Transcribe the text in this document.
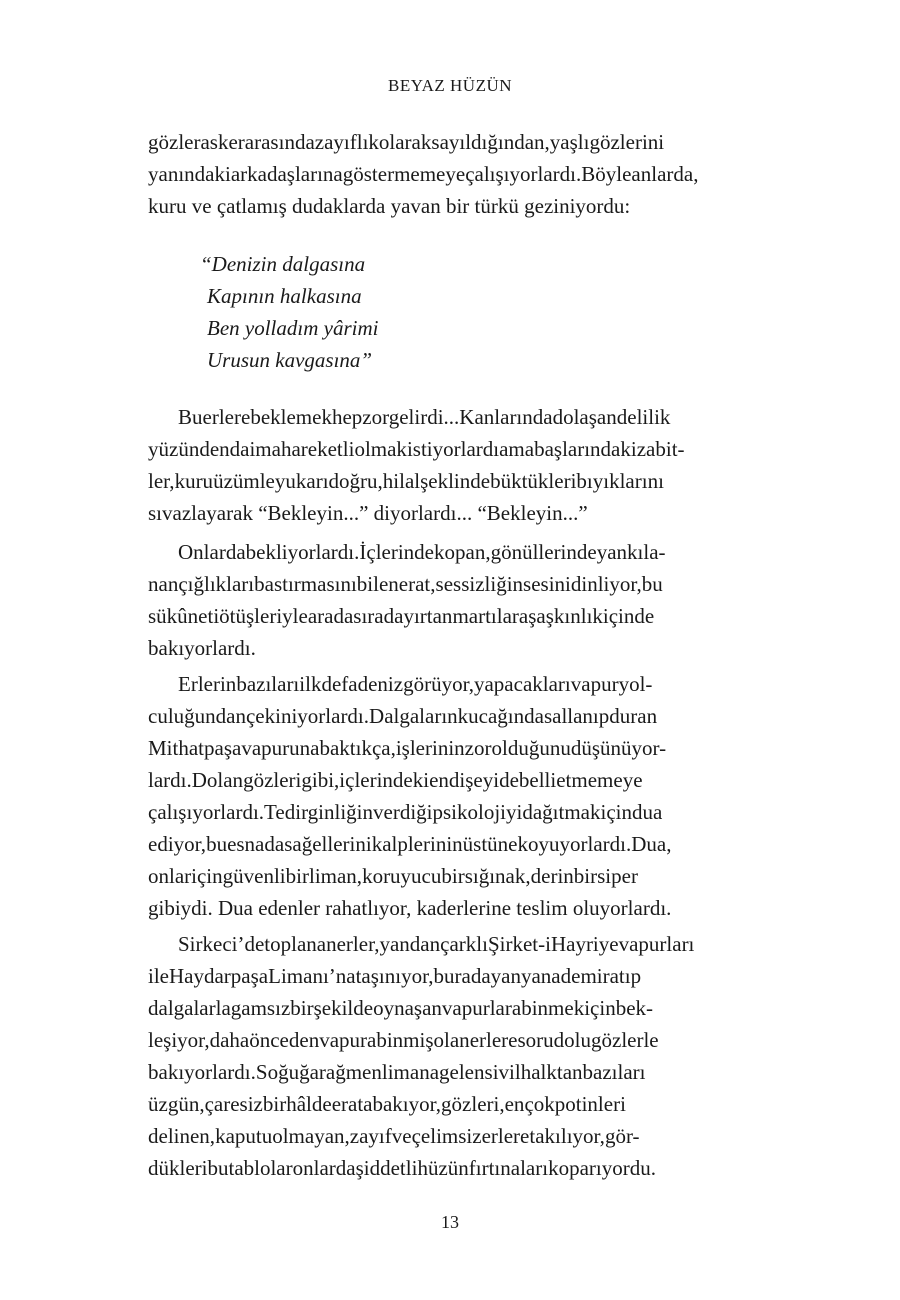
BEYAZ HÜZÜN
gözleraskerarasındazayıflıkolaraksayıldığından,yaşlıgözlerini
yanındakiarkadaşlarınagöstermemeyeçalışıyorlardı.Böyleanlarda,
kuru ve çatlamış dudaklarda yavan bir türkü geziniyordu:
“Denizin dalgasına
Kapının halkasına
Ben yolladım yârimi
Urusun kavgasına”
Buerlerebeklemekhepzorgelirdi...Kanlarındadolaşandelilik
yüzündendaimahareketliolmakistiyorlardıamabaşlarındakizabit-
ler,kuruüzümleyukarıdoğru,hilalşeklindebüktükleribıyıklarını
sıvazlayarak “Bekleyin...” diyorlardı... “Bekleyin...”
Onlardabekliyorlardı.İçlerindekopan,gönüllerindeyankıla-
nançığlıklarıbastırmasınıbilenerat,sessizliğinsesinidinliyor,bu
sükûnetiötüşleriylearadasıradayırtanmartılaraşaşkınlıkiçinde
bakıyorlardı.
Erlerinbazılarıilkdefadenizgörüyor,yapacaklarıvapuryol-
culuğundançekiniyorlardı.Dalgalarınkucağındasallanıpduran
Mithatpaşavapurunabaktıkça,işlerininzorolduğunudüşünüyor-
lardı.Dolangözlerigibi,içlerindekiendişeyidebellietmemeye
çalışıyorlardı.Tedirginliğinverdiğipsikolojiyidağıtmakiçindua
ediyor,buesnadasağellerinikalplerininüstünekoyuyorlardı.Dua,
onlariçingüvenlibirliman,koruyucubirsığınak,derinbirsiper
gibiydi. Dua edenler rahatlıyor, kaderlerine teslim oluyorlardı.
Sirkeci’detoplananerler,yandançarklıŞirket-iHayriyevapurları
ileHaydarpaşaLimanı’nataşınıyor,buradayanyanademiratıp
dalgalarlagamsızbirşekildeoynaşanvapurlarabinmekiçinbek-
leşiyor,dahaöncedenvapurabinmişolanerleresorudolugözlerle
bakıyorlardı.Soğuğarağmenlimanagelensivilhalktanbazıları
üzgün,çaresizbirhâldeeratabakıyor,gözleri,ençokpotinleri
delinen,kaputuolmayan,zayıfveçelimsizerleretakılıyor,gör-
dükleributablolaronlardaşiddetlihüzünfırtınalarıkoparıyordu.
13
